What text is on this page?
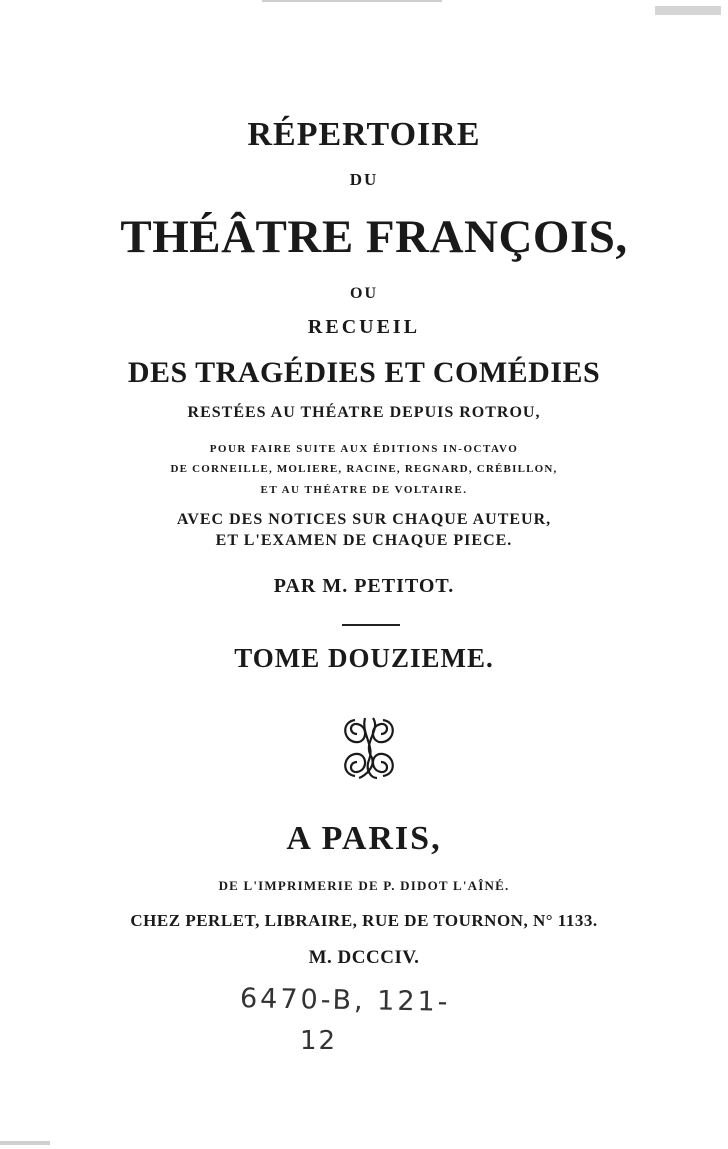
RÉPERTOIRE
DU
THÉÂTRE FRANÇOIS,
OU
RECUEIL
DES TRAGÉDIES ET COMÉDIES
RESTÉES AU THÉATRE DEPUIS ROTROU,
POUR FAIRE SUITE AUX ÉDITIONS IN-OCTAVO
DE CORNEILLE, MOLIERE, RACINE, REGNARD, CRÉBILLON,
ET AU THÉATRE DE VOLTAIRE.
AVEC DES NOTICES SUR CHAQUE AUTEUR,
ET L'EXAMEN DE CHAQUE PIECE.
PAR M. PETITOT.
TOME DOUZIEME.
A PARIS,
DE L'IMPRIMERIE DE P. DIDOT L'AÎNÉ.
CHEZ PERLET, LIBRAIRE, RUE DE TOURNON, N° 1133.
M. DCCCIV.
6470-B, 121-
12
